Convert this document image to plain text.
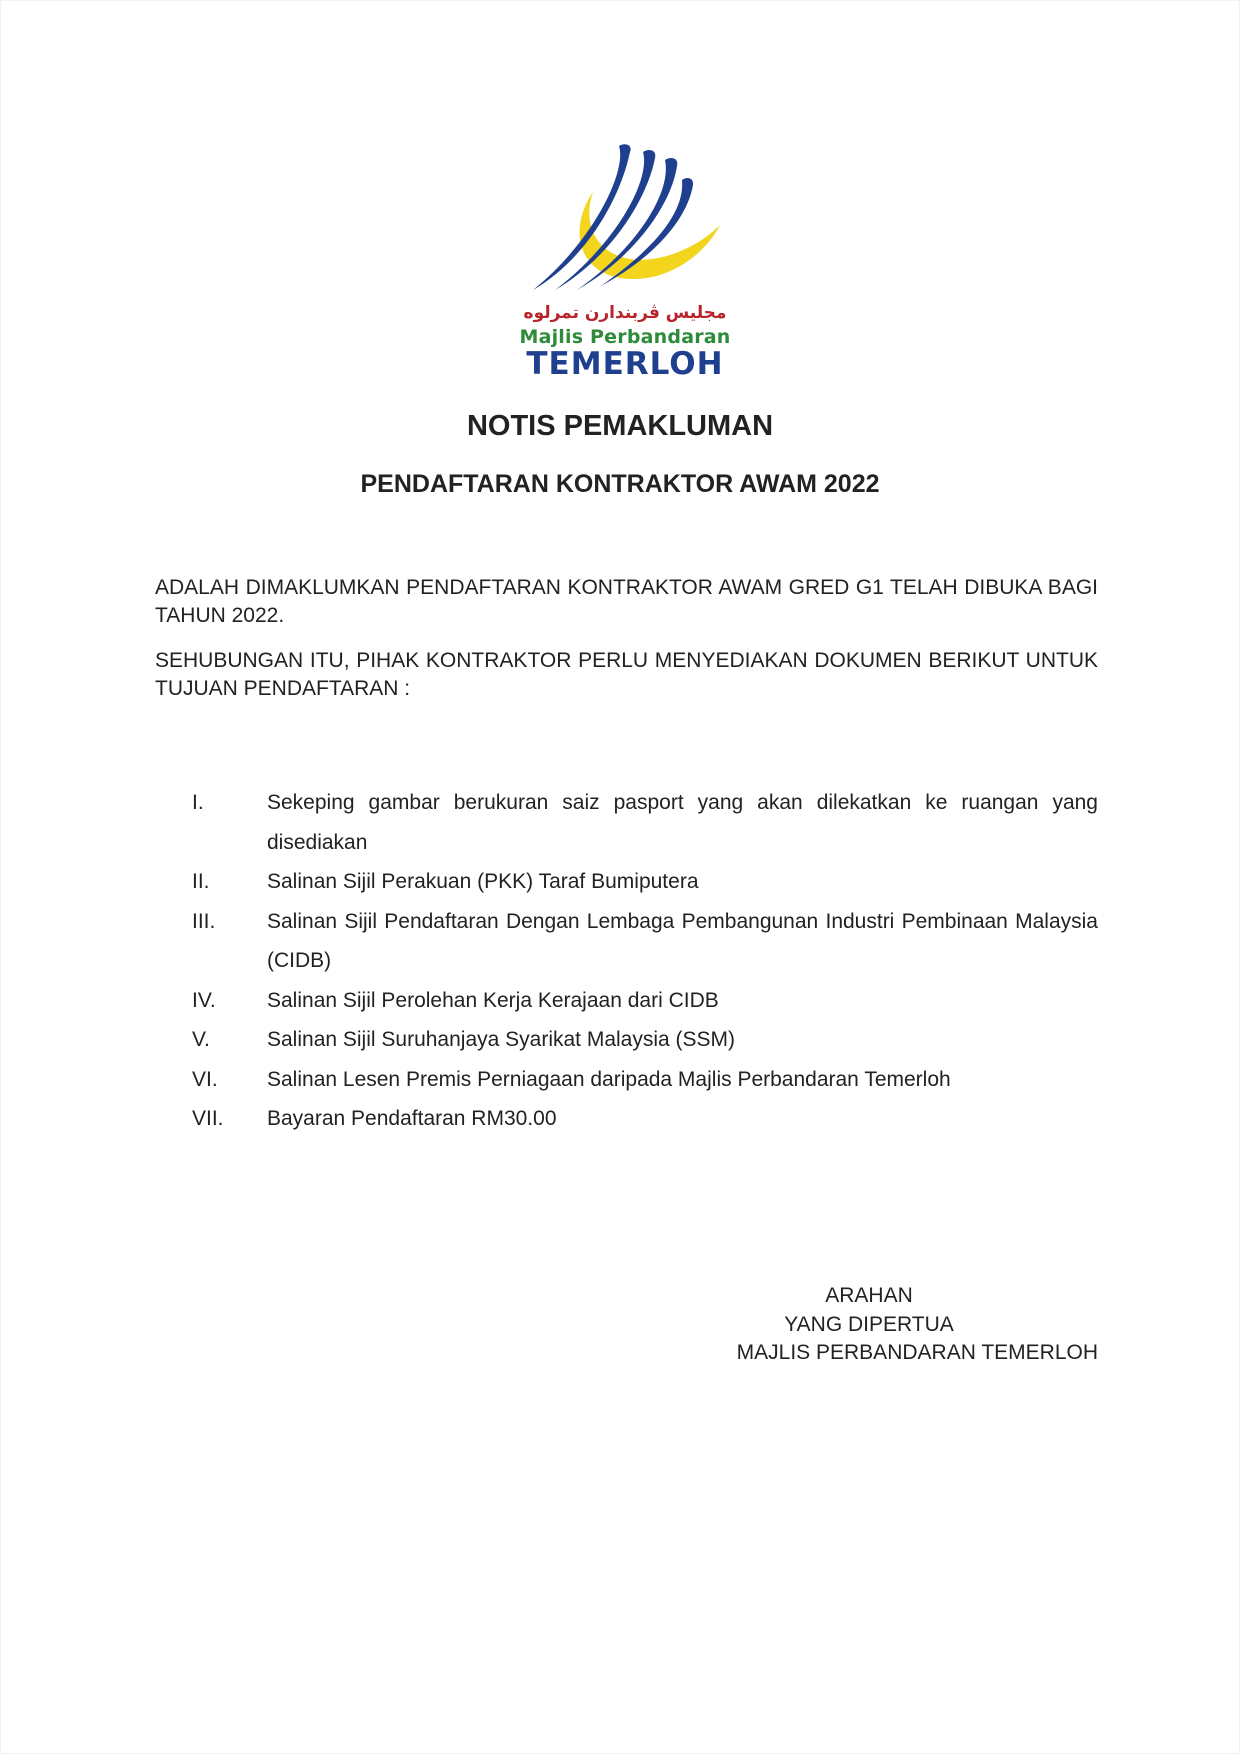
مجليس ڤربندارن تمرلوه
Majlis Perbandaran
TEMERLOH
NOTIS PEMAKLUMAN
PENDAFTARAN KONTRAKTOR AWAM 2022
ADALAH DIMAKLUMKAN PENDAFTARAN KONTRAKTOR AWAM GRED G1 TELAH DIBUKA BAGI TAHUN 2022.
SEHUBUNGAN ITU, PIHAK KONTRAKTOR PERLU MENYEDIAKAN DOKUMEN BERIKUT UNTUK TUJUAN PENDAFTARAN :
I.	Sekeping gambar berukuran saiz pasport yang akan dilekatkan ke ruangan yang disediakan
II.	Salinan Sijil Perakuan (PKK) Taraf Bumiputera
III.	Salinan Sijil Pendaftaran Dengan Lembaga Pembangunan Industri Pembinaan Malaysia (CIDB)
IV.	Salinan Sijil Perolehan Kerja Kerajaan dari CIDB
V.	Salinan Sijil Suruhanjaya Syarikat Malaysia (SSM)
VI.	Salinan Lesen Premis Perniagaan daripada Majlis Perbandaran Temerloh
VII.	Bayaran Pendaftaran RM30.00
ARAHAN
YANG DIPERTUA
MAJLIS PERBANDARAN TEMERLOH
